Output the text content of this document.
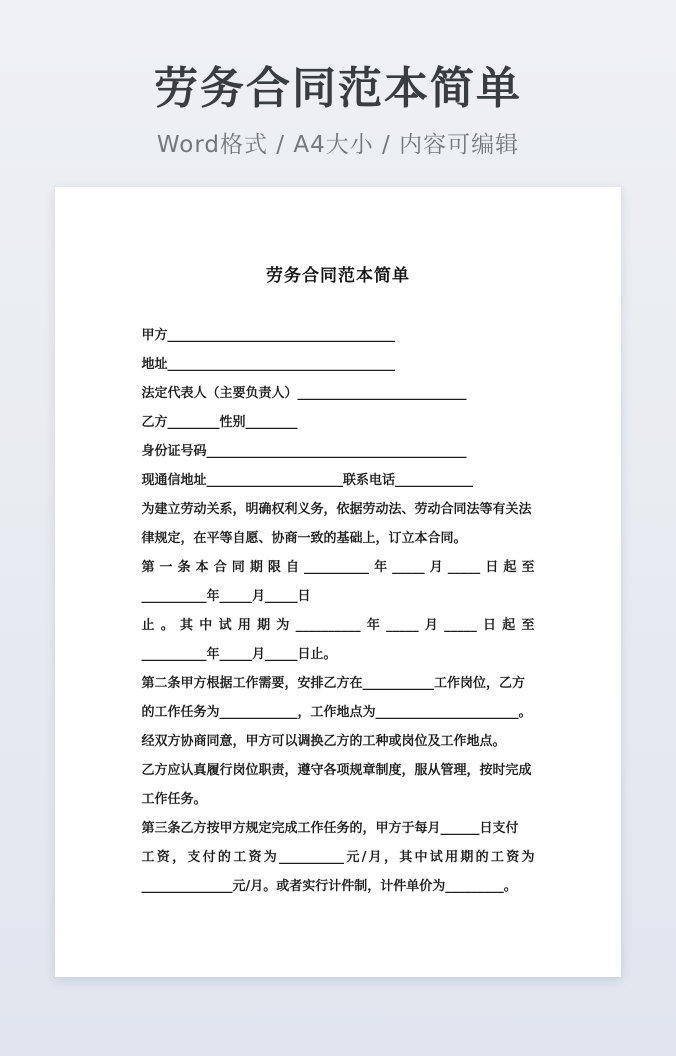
劳务合同范本简单
Word格式 / A4大小 / 内容可编辑
劳务合同范本简单
甲方___________________________________
地址___________________________________
法定代表人（主要负责人）__________________________
乙方________性别________
身份证号码________________________________________
现通信地址_____________________联系电话____________
为建立劳动关系，明确权利义务，依据劳动法、劳动合同法等有关法
律规定，在平等自愿、协商一致的基础上，订立本合同。
第一条本合同期限自__________年_____月_____日起至
__________年_____月_____日
止。其中试用期为__________年_____月_____日起至
__________年_____月_____日止。
第二条甲方根据工作需要，安排乙方在___________工作岗位，乙方
的工作任务为____________，工作地点为______________________。
经双方协商同意，甲方可以调换乙方的工种或岗位及工作地点。
乙方应认真履行岗位职责，遵守各项规章制度，服从管理，按时完成
工作任务。
第三条乙方按甲方规定完成工作任务的，甲方于每月______日支付
工资，支付的工资为__________元/月，其中试用期的工资为
______________元/月。或者实行计件制，计件单价为_________。
